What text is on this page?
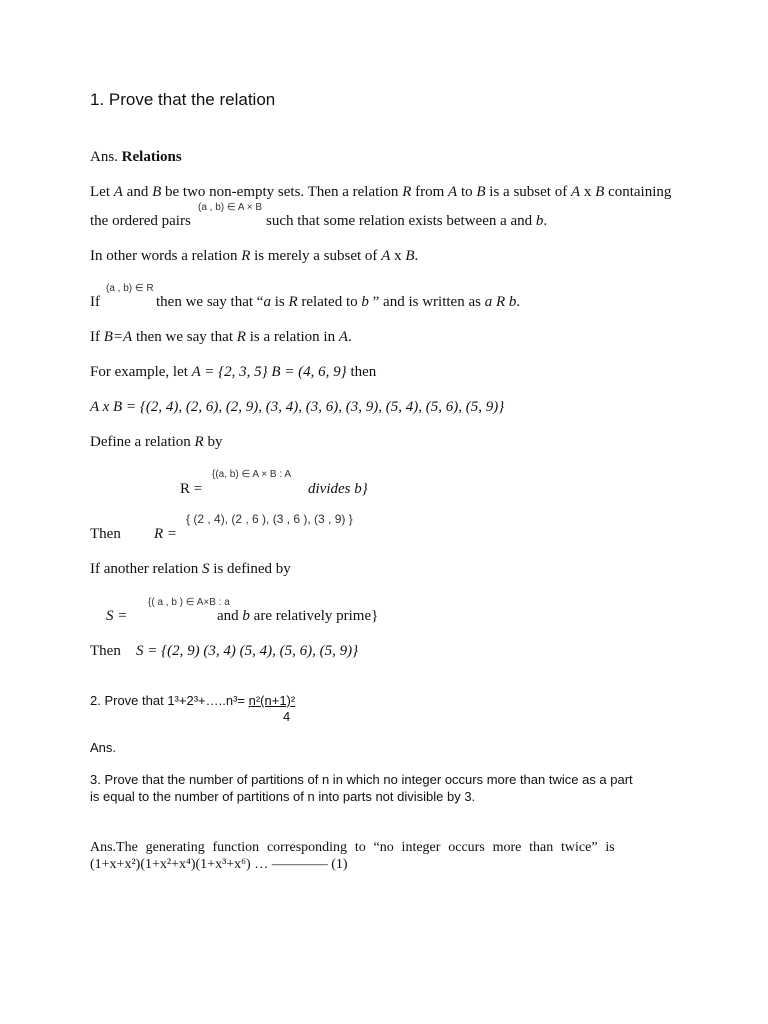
1. Prove that the relation
Ans. Relations
Let A and B be two non-empty sets. Then a relation R from A to B is a subset of A x B containing
(a , b) ∈ A × B
the ordered pairs	such that some relation exists between a and b.
In other words a relation R is merely a subset of A x B.
(a , b) ∈ R
If	then we say that “a is R related to b ” and is written as a R b.
If B=A then we say that R is a relation in A.
For example, let A = {2, 3, 5} B = (4, 6, 9} then
A x B = {(2, 4), (2, 6), (2, 9), (3, 4), (3, 6), (3, 9), (5, 4), (5, 6), (5, 9)}
Define a relation R by
{(a, b) ∈ A × B : A
R =	divides b}
{ (2 , 4), (2 , 6 ), (3 , 6 ), (3 , 9) }
Then R =
If another relation S is defined by
{( a , b ) ∈ A×B : a
S =	and b are relatively prime}
Then S = {(2, 9) (3, 4) (5, 4), (5, 6), (5, 9)}
2. Prove that 1³+2³+…..n³= n²(n+1)²
4
Ans.
3. Prove that the number of partitions of n in which no integer occurs more than twice as a part
is equal to the number of partitions of n into parts not divisible by 3.
Ans.The generating function corresponding to “no integer occurs more than twice” is
(1+x+x²)(1+x²+x⁴)(1+x³+x⁶) … ———— (1)
